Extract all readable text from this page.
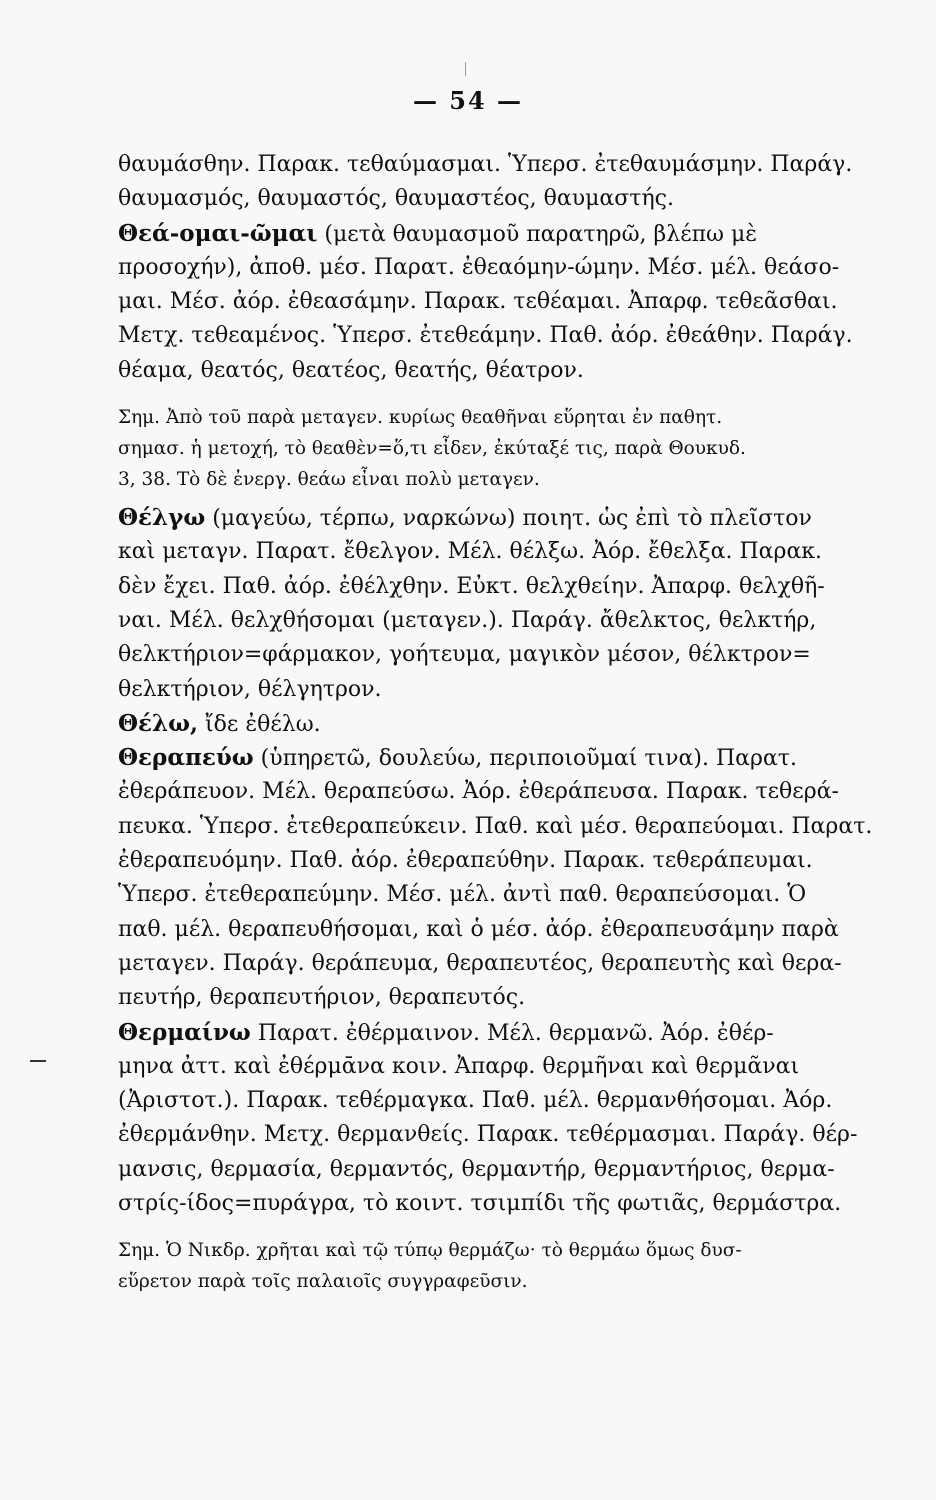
— 54 —
θαυμάσθην. Παρακ. τεθαύμασμαι. Ὑπερσ. ἐτεθαυμάσμην. Παράγ.
θαυμασμός, θαυμαστός, θαυμαστέος, θαυμαστής.
Θεά-ομαι-ῶμαι (μετὰ θαυμασμοῦ παρατηρῶ, βλέπω μὲ
προσοχήν), ἀποθ. μέσ. Παρατ. ἐθεαόμην-ώμην. Μέσ. μέλ. θεάσο-
μαι. Μέσ. ἀόρ. ἐθεασάμην. Παρακ. τεθέαμαι. Ἀπαρφ. τεθεᾶσθαι.
Μετχ. τεθεαμένος. Ὑπερσ. ἐτεθεάμην. Παθ. ἀόρ. ἐθεάθην. Παράγ.
θέαμα, θεατός, θεατέος, θεατής, θέατρον.
Σημ. Ἀπὸ τοῦ παρὰ μεταγεν. κυρίως θεαθῆναι εὕρηται ἐν παθητ.
σημασ. ἡ μετοχή, τὸ θεαθὲν=ὅ,τι εἶδεν, ἐκύταξέ τις, παρὰ Θουκυδ.
3, 38. Τὸ δὲ ἐνεργ. θεάω εἶναι πολὺ μεταγεν.
Θέλγω (μαγεύω, τέρπω, ναρκώνω) ποιητ. ὡς ἐπὶ τὸ πλεῖστον
καὶ μεταγν. Παρατ. ἔθελγον. Μέλ. θέλξω. Ἀόρ. ἔθελξα. Παρακ.
δὲν ἔχει. Παθ. ἀόρ. ἐθέλχθην. Εὐκτ. θελχθείην. Ἀπαρφ. θελχθῆ-
ναι. Μέλ. θελχθήσομαι (μεταγεν.). Παράγ. ἄθελκτος, θελκτήρ,
θελκτήριον=φάρμακον, γοήτευμα, μαγικὸν μέσον, θέλκτρον=
θελκτήριον, θέλγητρον.
Θέλω, ἴδε ἐθέλω.
Θεραπεύω (ὑπηρετῶ, δουλεύω, περιποιοῦμαί τινα). Παρατ.
ἐθεράπευον. Μέλ. θεραπεύσω. Ἀόρ. ἐθεράπευσα. Παρακ. τεθερά-
πευκα. Ὑπερσ. ἐτεθεραπεύκειν. Παθ. καὶ μέσ. θεραπεύομαι. Παρατ.
ἐθεραπευόμην. Παθ. ἀόρ. ἐθεραπεύθην. Παρακ. τεθεράπευμαι.
Ὑπερσ. ἐτεθεραπεύμην. Μέσ. μέλ. ἀντὶ παθ. θεραπεύσομαι. Ὁ
παθ. μέλ. θεραπευθήσομαι, καὶ ὁ μέσ. ἀόρ. ἐθεραπευσάμην παρὰ
μεταγεν. Παράγ. θεράπευμα, θεραπευτέος, θεραπευτὴς καὶ θερα-
πευτήρ, θεραπευτήριον, θεραπευτός.
Θερμαίνω Παρατ. ἐθέρμαινον. Μέλ. θερμανῶ. Ἀόρ. ἐθέρ-
μηνα ἀττ. καὶ ἐθέρμᾱνα κοιν. Ἀπαρφ. θερμῆναι καὶ θερμᾶναι
(Ἀριστοτ.). Παρακ. τεθέρμαγκα. Παθ. μέλ. θερμανθήσομαι. Ἀόρ.
ἐθερμάνθην. Μετχ. θερμανθείς. Παρακ. τεθέρμασμαι. Παράγ. θέρ-
μανσις, θερμασία, θερμαντός, θερμαντήρ, θερμαντήριος, θερμα-
στρίς-ίδος=πυράγρα, τὸ κοιντ. τσιμπίδι τῆς φωτιᾶς, θερμάστρα.
Σημ. Ὁ Νικδρ. χρῆται καὶ τῷ τύπῳ θερμάζω· τὸ θερμάω ὅμως δυσ-
εὕρετον παρὰ τοῖς παλαιοῖς συγγραφεῦσιν.
